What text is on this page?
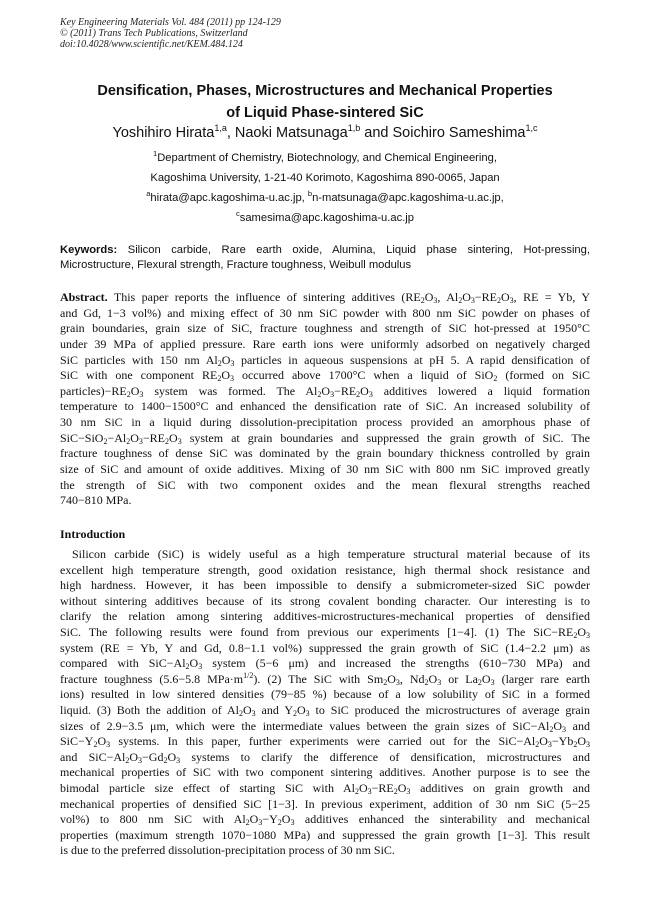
Key Engineering Materials Vol. 484 (2011) pp 124-129
© (2011) Trans Tech Publications, Switzerland
doi:10.4028/www.scientific.net/KEM.484.124
Densification, Phases, Microstructures and Mechanical Properties
of Liquid Phase-sintered SiC
Yoshihiro Hirata$^{1,a}$, Naoki Matsunaga$^{1,b}$ and Soichiro Sameshima$^{1,c}$
$^1$Department of Chemistry, Biotechnology, and Chemical Engineering,
Kagoshima University, 1-21-40 Korimoto, Kagoshima 890-0065, Japan
$^a$hirata@apc.kagoshima-u.ac.jp, $^b$n-matsunaga@apc.kagoshima-u.ac.jp,
$^c$samesima@apc.kagoshima-u.ac.jp
Keywords: Silicon carbide, Rare earth oxide, Alumina, Liquid phase sintering, Hot-pressing, Microstructure, Flexural strength, Fracture toughness, Weibull modulus
Abstract. This paper reports the influence of sintering additives ($RE_2O_3$, $Al_2O_3-RE_2O_3$, RE = Yb, Y
and Gd, 1−3 vol%) and mixing effect of 30 nm SiC powder with 800 nm SiC powder on phases of
grain boundaries, grain size of SiC, fracture toughness and strength of SiC hot-pressed at 1950°C
under 39 MPa of applied pressure. Rare earth ions were uniformly adsorbed on negatively charged
SiC particles with 150 nm $Al_2O_3$ particles in aqueous suspensions at pH 5. A rapid densification of
SiC with one component $RE_2O_3$ occurred above 1700°C when a liquid of SiO$_2$ (formed on SiC
$particles)-RE_2O_3$ system was formed. The $Al_2O_3-RE_2O_3$ additives lowered a liquid formation
temperature to 1400−1500°C and enhanced the densification rate of SiC. An increased solubility of
30 nm SiC in a liquid during dissolution-precipitation process provided an amorphous phase of
$SiC-SiO_2-Al_2O_3-RE_2O_3$ system at grain boundaries and suppressed the grain growth of SiC. The
fracture toughness of dense SiC was dominated by the grain boundary thickness controlled by grain
size of SiC and amount of oxide additives. Mixing of 30 nm SiC with 800 nm SiC improved greatly
the strength of SiC with two component oxides and the mean flexural strengths reached
740−810 MPa.
Introduction
Silicon carbide (SiC) is widely useful as a high temperature structural material because of its
excellent high temperature strength, good oxidation resistance, high thermal shock resistance and
high hardness. However, it has been impossible to densify a submicrometer-sized SiC powder
without sintering additives because of its strong covalent bonding character. Our interesting is to
clarify the relation among sintering additives-microstructures-mechanical properties of densified
SiC. The following results were found from previous our experiments [1−4]. (1) The $SiC-RE_2O_3$
system (RE = Yb, Y and Gd, 0.8−1.1 vol%) suppressed the grain growth of SiC (1.4−2.2 μm) as
compared with $SiC-Al_2O_3$ system (5−6 μm) and increased the strengths (610−730 MPa) and
fracture toughness (5.6−5.8 $MPa\cdot m^{1/2}$). (2) The SiC with $Sm_2O_3$, $Nd_2O_3$ or $La_2O_3$ (larger rare earth
ions) resulted in low sintered densities (79−85 %) because of a low solubility of SiC in a formed
liquid. (3) Both the addition of $Al_2O_3$ and $Y_2O_3$ to SiC produced the microstructures of average grain
sizes of 2.9−3.5 μm, which were the intermediate values between the grain sizes of $SiC-Al_2O_3$ and
$SiC-Y_2O_3$ systems. In this paper, further experiments were carried out for the $SiC-Al_2O_3-Yb_2O_3$
and $SiC-Al_2O_3-Gd_2O_3$ systems to clarify the difference of densification, microstructures and
mechanical properties of SiC with two component sintering additives. Another purpose is to see the
bimodal particle size effect of starting SiC with $Al_2O_3-RE_2O_3$ additives on grain growth and
mechanical properties of densified SiC [1−3]. In previous experiment, addition of 30 nm SiC (5−25
vol%) to 800 nm SiC with $Al_2O_3-Y_2O_3$ additives enhanced the sinterability and mechanical
properties (maximum strength 1070−1080 MPa) and suppressed the grain growth [1−3]. This result
is due to the preferred dissolution-precipitation process of 30 nm SiC.
